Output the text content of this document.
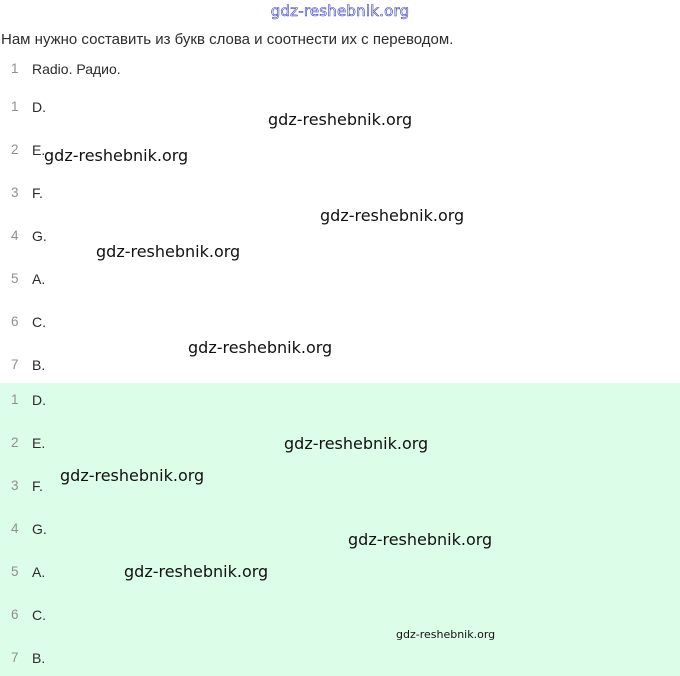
gdz-reshebnik.org
Нам нужно составить из букв слова и соотнести их с переводом.
1 Radio. Радио.
1 D.
2 E.
3 F.
4 G.
5 A.
6 C.
7 B.
1 D.
2 E.
3 F.
4 G.
5 A.
6 C.
7 B.
gdz-reshebnik.org
gdz-reshebnik.org
gdz-reshebnik.org
gdz-reshebnik.org
gdz-reshebnik.org
gdz-reshebnik.org
gdz-reshebnik.org
gdz-reshebnik.org
gdz-reshebnik.org
gdz-reshebnik.org
